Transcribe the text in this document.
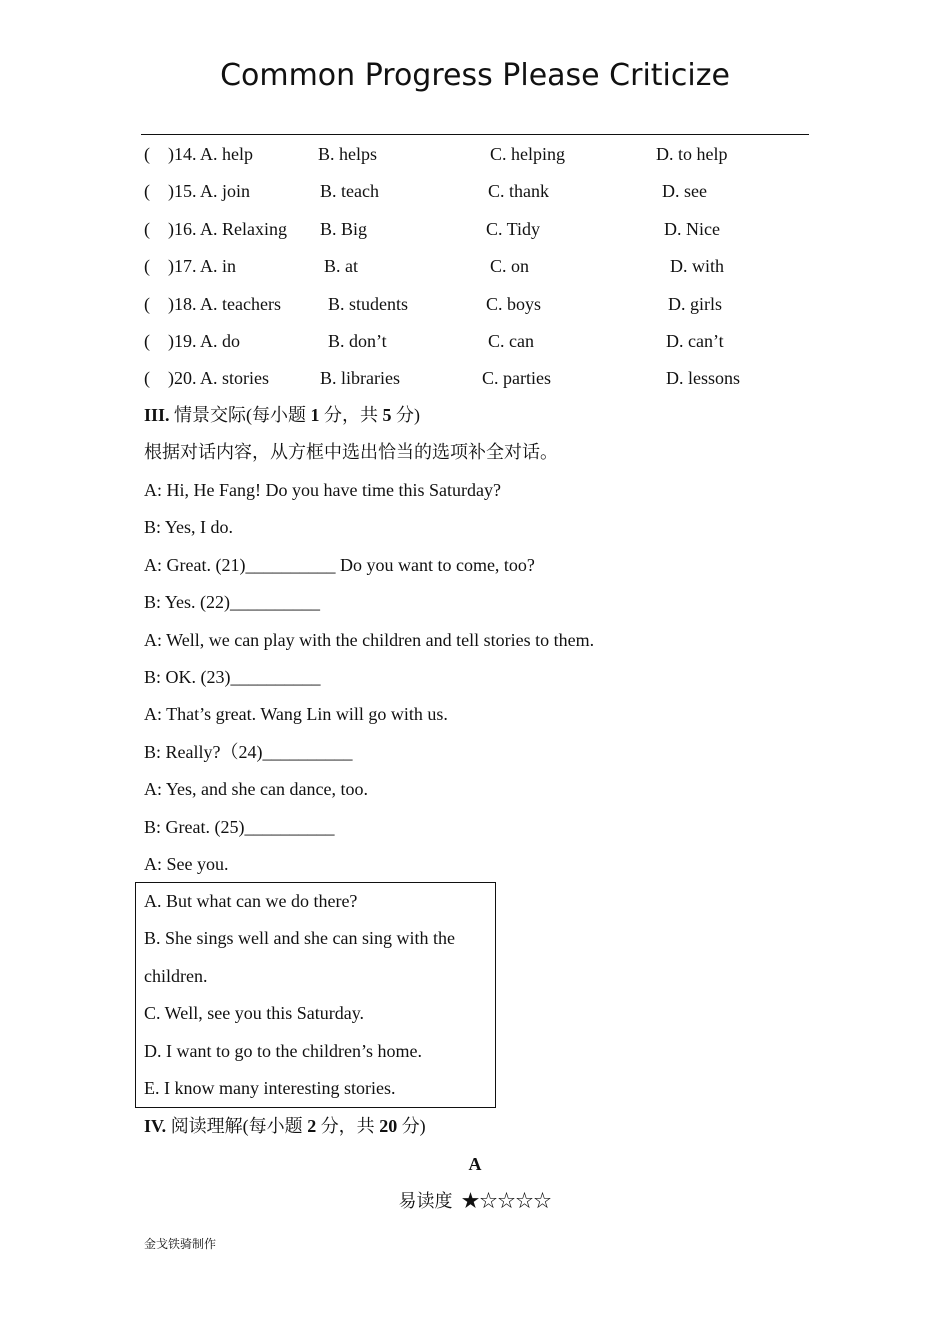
Common Progress Please Criticize
(　)14. A. help	B. helps	C. helping	D. to help
(　)15. A. join	B. teach	C. thank	D. see
(　)16. A. Relaxing B. Big	C. Tidy	D. Nice
(　)17. A. in	B. at	C. on	D. with
(　)18. A. teachers	B. students	C. boys	D. girls
(　)19. A. do	B. don’t	C. can	D. can’t
(　)20. A. stories	B. libraries	C. parties	D. lessons
III. 情景交际(每小题 1 分，共 5 分)
根据对话内容，从方框中选出恰当的选项补全对话。
A: Hi, He Fang! Do you have time this Saturday?
B: Yes, I do.
A: Great. (21)__________ Do you want to come, too?
B: Yes. (22)__________
A: Well, we can play with the children and tell stories to them.
B: OK. (23)__________
A: That’s great. Wang Lin will go with us.
B: Really?（24)__________
A: Yes, and she can dance, too.
B: Great. (25)__________
A: See you.
A. But what can we do there?
B. She sings well and she can sing with the
children.
C. Well, see you this Saturday.
D. I want to go to the children’s home.
E. I know many interesting stories.
IV. 阅读理解(每小题 2 分，共 20 分)
A
易读度 ★☆☆☆☆
金戈铁骑制作
